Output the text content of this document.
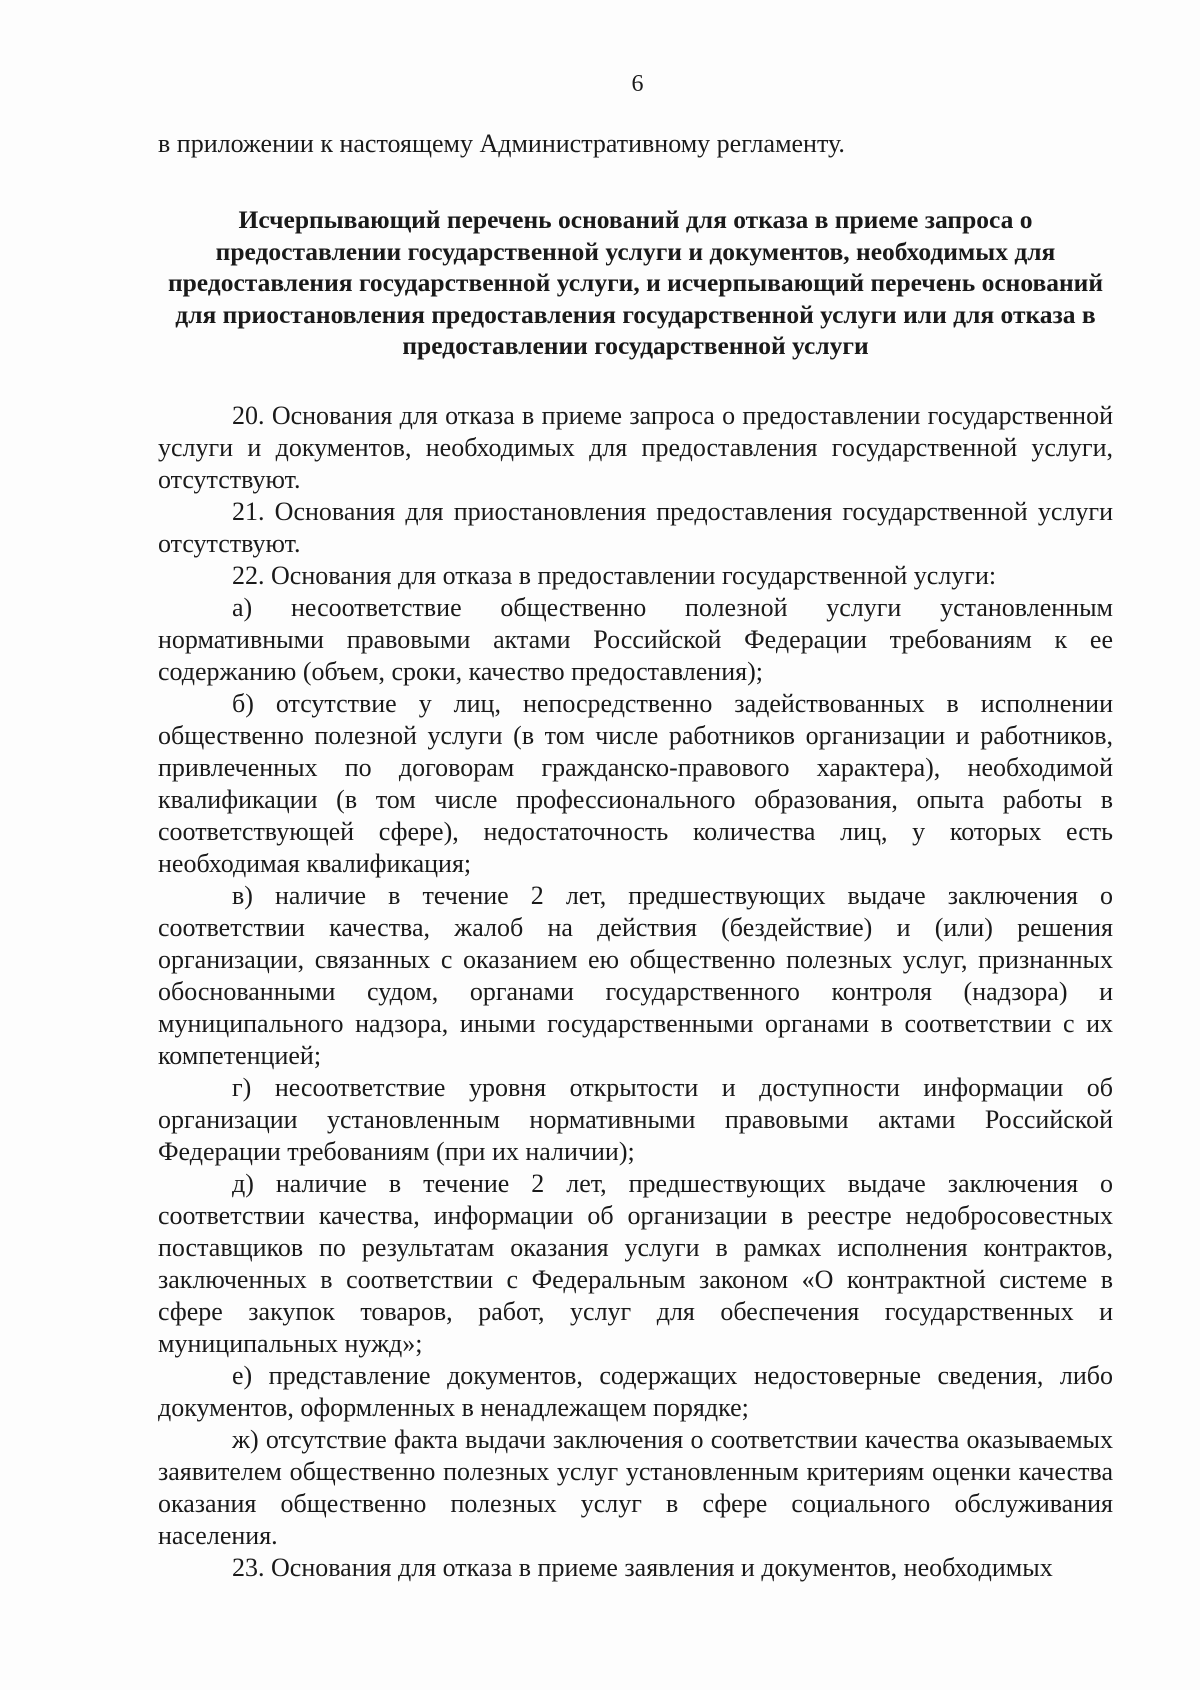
6

в приложении к настоящему Административному регламенту.

Исчерпывающий перечень оснований для отказа в приеме запроса о предоставлении государственной услуги и документов, необходимых для предоставления государственной услуги, и исчерпывающий перечень оснований для приостановления предоставления государственной услуги или для отказа в предоставлении государственной услуги

20. Основания для отказа в приеме запроса о предоставлении государственной услуги и документов, необходимых для предоставления государственной услуги, отсутствуют.

21. Основания для приостановления предоставления государственной услуги отсутствуют.

22. Основания для отказа в предоставлении государственной услуги:

а) несоответствие общественно полезной услуги установленным нормативными правовыми актами Российской Федерации требованиям к ее содержанию (объем, сроки, качество предоставления);

б) отсутствие у лиц, непосредственно задействованных в исполнении общественно полезной услуги (в том числе работников организации и работников, привлеченных по договорам гражданско-правового характера), необходимой квалификации (в том числе профессионального образования, опыта работы в соответствующей сфере), недостаточность количества лиц, у которых есть необходимая квалификация;

в) наличие в течение 2 лет, предшествующих выдаче заключения о соответствии качества, жалоб на действия (бездействие) и (или) решения организации, связанных с оказанием ею общественно полезных услуг, признанных обоснованными судом, органами государственного контроля (надзора) и муниципального надзора, иными государственными органами в соответствии с их компетенцией;

г) несоответствие уровня открытости и доступности информации об организации установленным нормативными правовыми актами Российской Федерации требованиям (при их наличии);

д) наличие в течение 2 лет, предшествующих выдаче заключения о соответствии качества, информации об организации в реестре недобросовестных поставщиков по результатам оказания услуги в рамках исполнения контрактов, заключенных в соответствии с Федеральным законом «О контрактной системе в сфере закупок товаров, работ, услуг для обеспечения государственных и муниципальных нужд»;

е) представление документов, содержащих недостоверные сведения, либо документов, оформленных в ненадлежащем порядке;

ж) отсутствие факта выдачи заключения о соответствии качества оказываемых заявителем общественно полезных услуг установленным критериям оценки качества оказания общественно полезных услуг в сфере социального обслуживания населения.

23. Основания для отказа в приеме заявления и документов, необходимых
